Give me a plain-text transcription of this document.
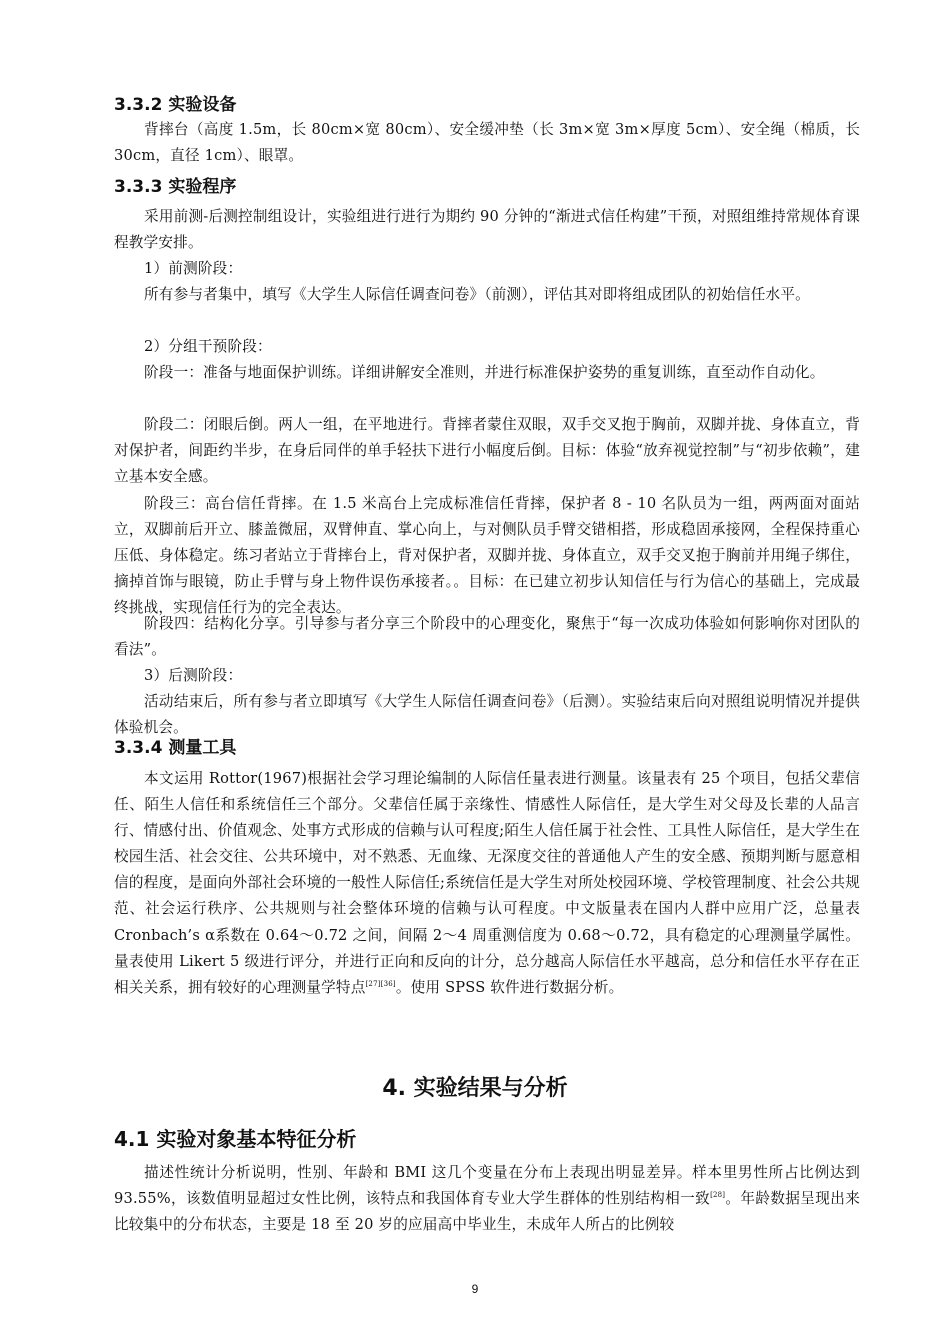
3.3.2 实验设备

背摔台（高度 1.5m，长 80cm×宽 80cm）、安全缓冲垫（长 3m×宽 3m×厚度 5cm）、安全绳（棉质，长 30cm，直径 1cm）、眼罩。

3.3.3 实验程序

采用前测-后测控制组设计，实验组进行进行为期约 90 分钟的“渐进式信任构建”干预，对照组维持常规体育课程教学安排。

1）前测阶段：

所有参与者集中，填写《大学生人际信任调查问卷》（前测），评估其对即将组成团队的初始信任水平。

2）分组干预阶段：

阶段一：准备与地面保护训练。详细讲解安全准则，并进行标准保护姿势的重复训练，直至动作自动化。

阶段二：闭眼后倒。两人一组，在平地进行。背摔者蒙住双眼，双手交叉抱于胸前，双脚并拢、身体直立，背对保护者，间距约半步，在身后同伴的单手轻扶下进行小幅度后倒。目标：体验“放弃视觉控制”与“初步依赖”，建立基本安全感。

阶段三：高台信任背摔。在 1.5 米高台上完成标准信任背摔，保护者 8 - 10 名队员为一组，两两面对面站立，双脚前后开立、膝盖微屈，双臂伸直、掌心向上，与对侧队员手臂交错相搭，形成稳固承接网，全程保持重心压低、身体稳定。练习者站立于背摔台上，背对保护者，双脚并拢、身体直立，双手交叉抱于胸前并用绳子绑住，摘掉首饰与眼镜，防止手臂与身上物件误伤承接者。。目标：在已建立初步认知信任与行为信心的基础上，完成最终挑战，实现信任行为的完全表达。

阶段四：结构化分享。引导参与者分享三个阶段中的心理变化，聚焦于“每一次成功体验如何影响你对团队的看法”。

3）后测阶段：

活动结束后，所有参与者立即填写《大学生人际信任调查问卷》（后测）。实验结束后向对照组说明情况并提供体验机会。

3.3.4 测量工具

本文运用 Rottor(1967)根据社会学习理论编制的人际信任量表进行测量。该量表有 25 个项目，包括父辈信任、陌生人信任和系统信任三个部分。父辈信任属于亲缘性、情感性人际信任，是大学生对父母及长辈的人品言行、情感付出、价值观念、处事方式形成的信赖与认可程度;陌生人信任属于社会性、工具性人际信任，是大学生在校园生活、社会交往、公共环境中，对不熟悉、无血缘、无深度交往的普通他人产生的安全感、预期判断与愿意相信的程度，是面向外部社会环境的一般性人际信任;系统信任是大学生对所处校园环境、学校管理制度、社会公共规范、社会运行秩序、公共规则与社会整体环境的信赖与认可程度。中文版量表在国内人群中应用广泛，总量表 Cronbach’s α系数在 0.64～0.72 之间，间隔 2～4 周重测信度为 0.68～0.72，具有稳定的心理测量学属性。量表使用 Likert 5 级进行评分，并进行正向和反向的计分，总分越高人际信任水平越高，总分和信任水平存在正相关关系，拥有较好的心理测量学特点[27][36]。使用 SPSS 软件进行数据分析。

4. 实验结果与分析
4.1 实验对象基本特征分析

描述性统计分析说明，性别、年龄和 BMI 这几个变量在分布上表现出明显差异。样本里男性所占比例达到 93.55%，该数值明显超过女性比例，该特点和我国体育专业大学生群体的性别结构相一致[28]。年龄数据呈现出来比较集中的分布状态，主要是 18 至 20 岁的应届高中毕业生，未成年人所占的比例较

9
